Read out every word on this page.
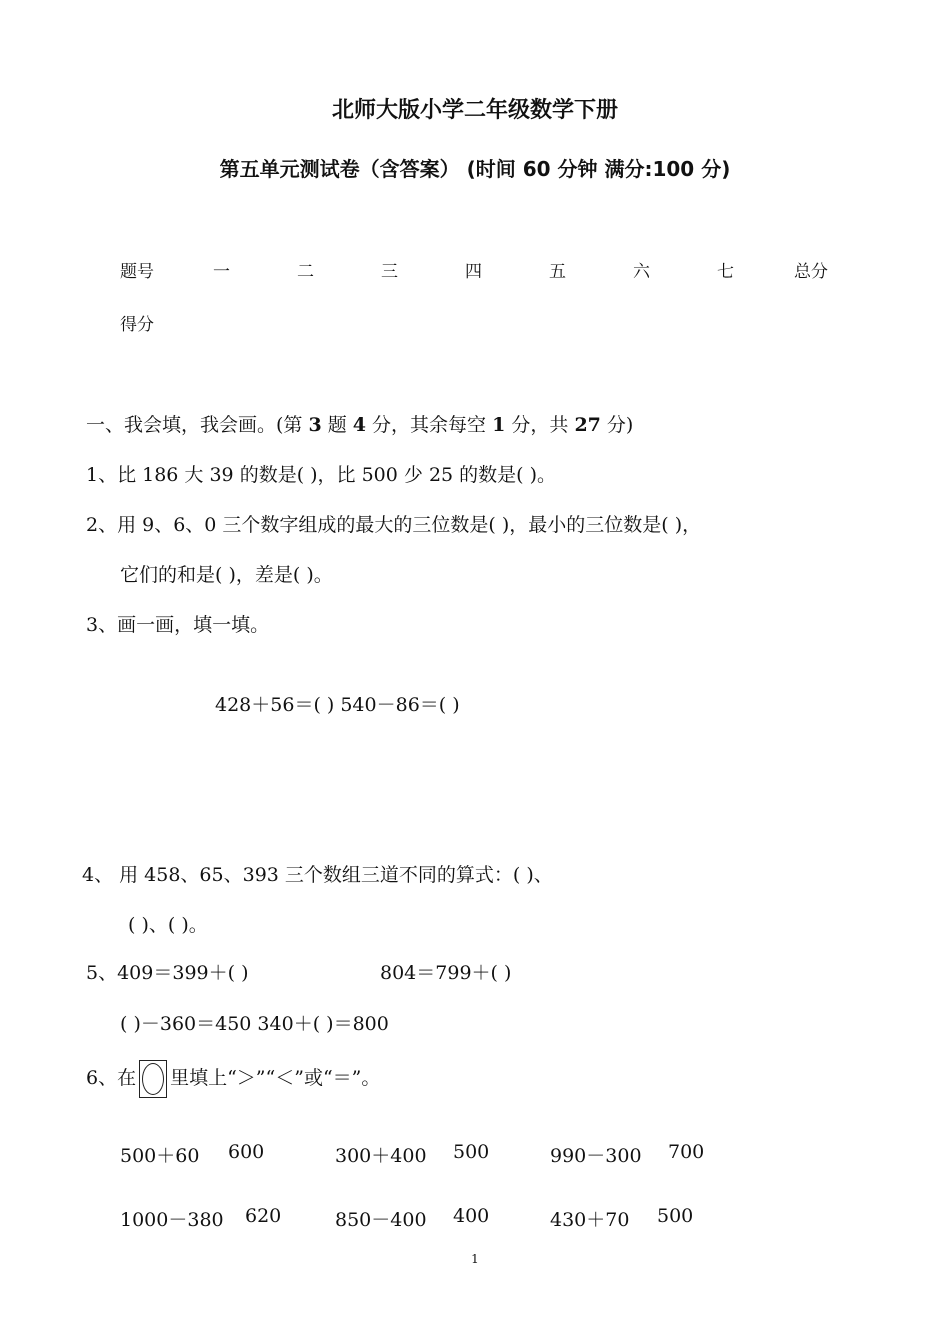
北师大版小学二年级数学下册
第五单元测试卷（含答案） (时间 60 分钟 满分:100 分)
题号	一	二	三	四	五	六	七	总分
得分
一、我会填，我会画。(第 3 题 4 分，其余每空 1 分，共 27 分)
1、比 186 大 39 的数是( )，比 500 少 25 的数是( )。
2、用 9、6、0 三个数字组成的最大的三位数是( )，最小的三位数是( )，
它们的和是( )，差是( )。
3、画一画，填一填。
428＋56＝( ) 540－86＝( )
4、 用 458、65、393 三个数组三道不同的算式：( )、
( )、( )。
5、409＝399＋( )	804＝799＋( )
( )－360＝450 340＋( )＝800
6、在 里填上“＞”“＜”或“＝”。
500＋60 600	300＋400 500	990－300 700
1000－380 620	850－400 400	430＋70 500
1
